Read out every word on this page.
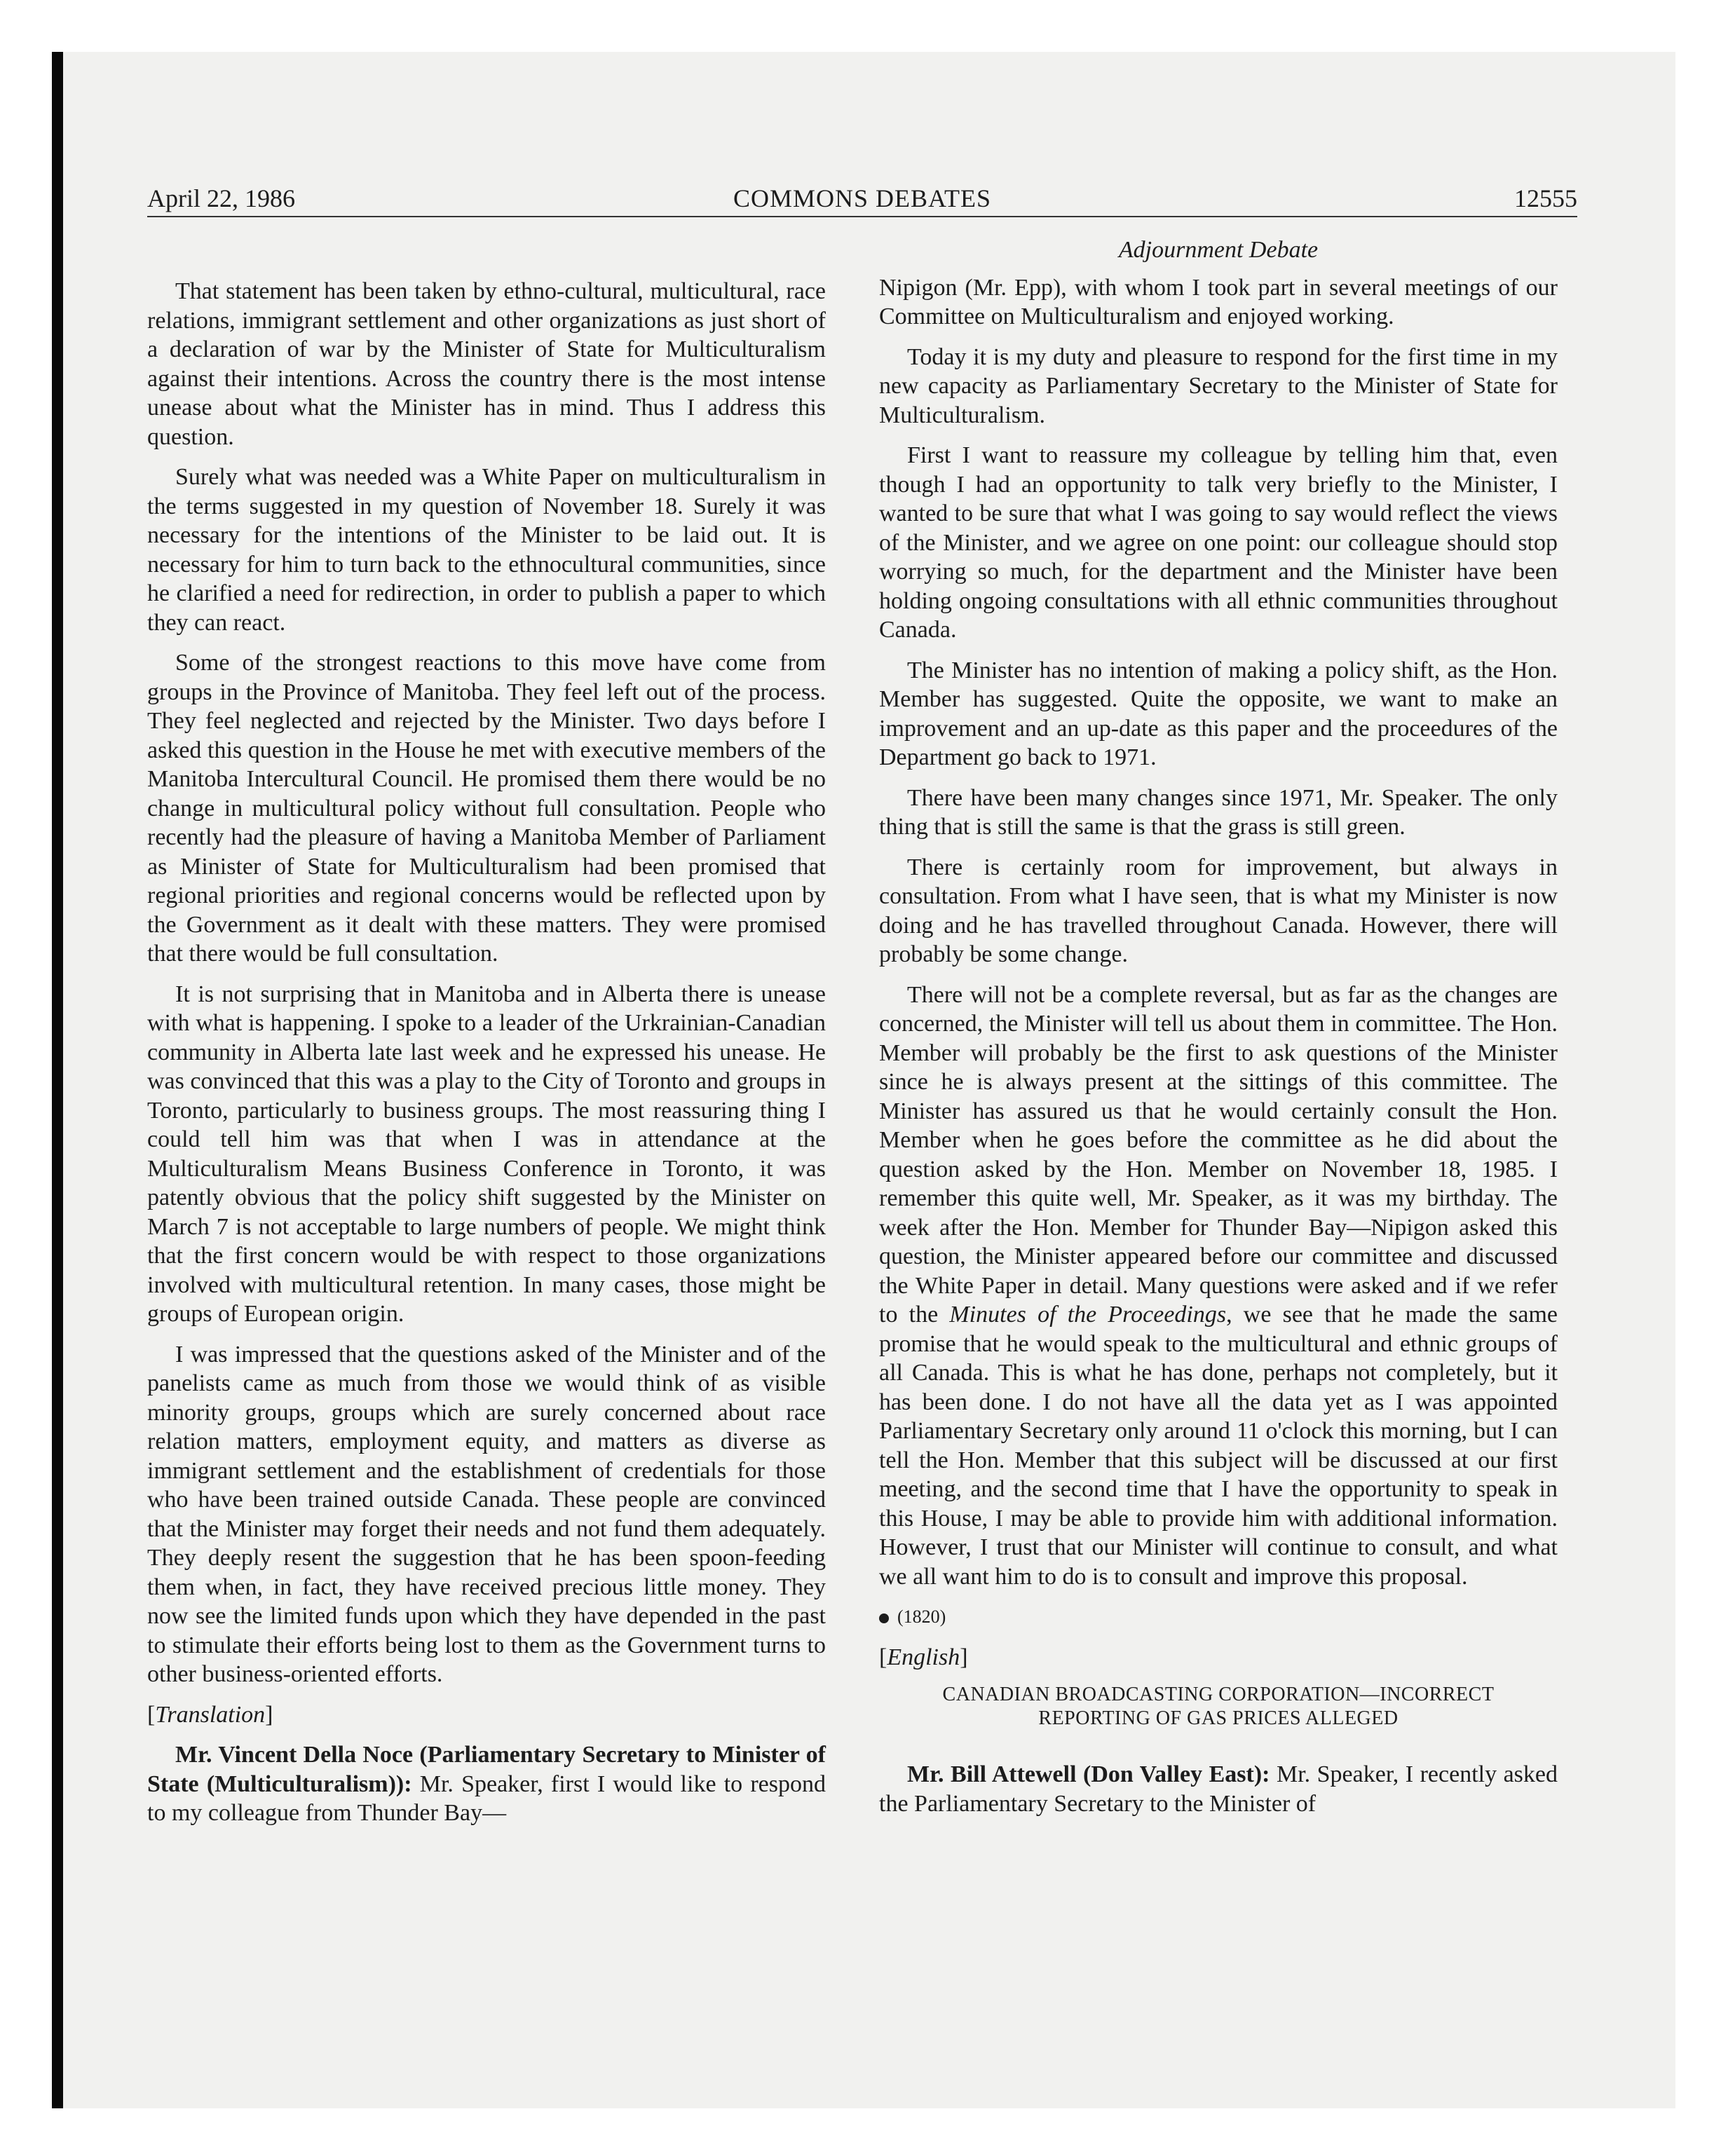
April 22, 1986	COMMONS DEBATES	12555

That statement has been taken by ethno-cultural, multicultural, race relations, immigrant settlement and other organizations as just short of a declaration of war by the Minister of State for Multiculturalism against their intentions. Across the country there is the most intense unease about what the Minister has in mind. Thus I address this question.

Surely what was needed was a White Paper on multiculturalism in the terms suggested in my question of November 18. Surely it was necessary for the intentions of the Minister to be laid out. It is necessary for him to turn back to the ethnocultural communities, since he clarified a need for redirection, in order to publish a paper to which they can react.

Some of the strongest reactions to this move have come from groups in the Province of Manitoba. They feel left out of the process. They feel neglected and rejected by the Minister. Two days before I asked this question in the House he met with executive members of the Manitoba Intercultural Council. He promised them there would be no change in multicultural policy without full consultation. People who recently had the pleasure of having a Manitoba Member of Parliament as Minister of State for Multiculturalism had been promised that regional priorities and regional concerns would be reflected upon by the Government as it dealt with these matters. They were promised that there would be full consultation.

It is not surprising that in Manitoba and in Alberta there is unease with what is happening. I spoke to a leader of the Urkrainian-Canadian community in Alberta late last week and he expressed his unease. He was convinced that this was a play to the City of Toronto and groups in Toronto, particularly to business groups. The most reassuring thing I could tell him was that when I was in attendance at the Multiculturalism Means Business Conference in Toronto, it was patently obvious that the policy shift suggested by the Minister on March 7 is not acceptable to large numbers of people. We might think that the first concern would be with respect to those organizations involved with multicultural retention. In many cases, those might be groups of European origin.

I was impressed that the questions asked of the Minister and of the panelists came as much from those we would think of as visible minority groups, groups which are surely concerned about race relation matters, employment equity, and matters as diverse as immigrant settlement and the establishment of credentials for those who have been trained outside Canada. These people are convinced that the Minister may forget their needs and not fund them adequately. They deeply resent the suggestion that he has been spoon-feeding them when, in fact, they have received precious little money. They now see the limited funds upon which they have depended in the past to stimulate their efforts being lost to them as the Government turns to other business-oriented efforts.

[Translation]

Mr. Vincent Della Noce (Parliamentary Secretary to Minister of State (Multiculturalism)): Mr. Speaker, first I would like to respond to my colleague from Thunder Bay—

Adjournment Debate

Nipigon (Mr. Epp), with whom I took part in several meetings of our Committee on Multiculturalism and enjoyed working.

Today it is my duty and pleasure to respond for the first time in my new capacity as Parliamentary Secretary to the Minister of State for Multiculturalism.

First I want to reassure my colleague by telling him that, even though I had an opportunity to talk very briefly to the Minister, I wanted to be sure that what I was going to say would reflect the views of the Minister, and we agree on one point: our colleague should stop worrying so much, for the department and the Minister have been holding ongoing consultations with all ethnic communities throughout Canada.

The Minister has no intention of making a policy shift, as the Hon. Member has suggested. Quite the opposite, we want to make an improvement and an up-date as this paper and the proceedures of the Department go back to 1971.

There have been many changes since 1971, Mr. Speaker. The only thing that is still the same is that the grass is still green.

There is certainly room for improvement, but always in consultation. From what I have seen, that is what my Minister is now doing and he has travelled throughout Canada. However, there will probably be some change.

There will not be a complete reversal, but as far as the changes are concerned, the Minister will tell us about them in committee. The Hon. Member will probably be the first to ask questions of the Minister since he is always present at the sittings of this committee. The Minister has assured us that he would certainly consult the Hon. Member when he goes before the committee as he did about the question asked by the Hon. Member on November 18, 1985. I remember this quite well, Mr. Speaker, as it was my birthday. The week after the Hon. Member for Thunder Bay—Nipigon asked this question, the Minister appeared before our committee and discussed the White Paper in detail. Many questions were asked and if we refer to the Minutes of the Proceedings, we see that he made the same promise that he would speak to the multicultural and ethnic groups of all Canada. This is what he has done, perhaps not completely, but it has been done. I do not have all the data yet as I was appointed Parliamentary Secretary only around 11 o'clock this morning, but I can tell the Hon. Member that this subject will be discussed at our first meeting, and the second time that I have the opportunity to speak in this House, I may be able to provide him with additional information. However, I trust that our Minister will continue to consult, and what we all want him to do is to consult and improve this proposal.

(1820)

[English]

CANADIAN BROADCASTING CORPORATION—INCORRECT
REPORTING OF GAS PRICES ALLEGED

Mr. Bill Attewell (Don Valley East): Mr. Speaker, I recently asked the Parliamentary Secretary to the Minister of
